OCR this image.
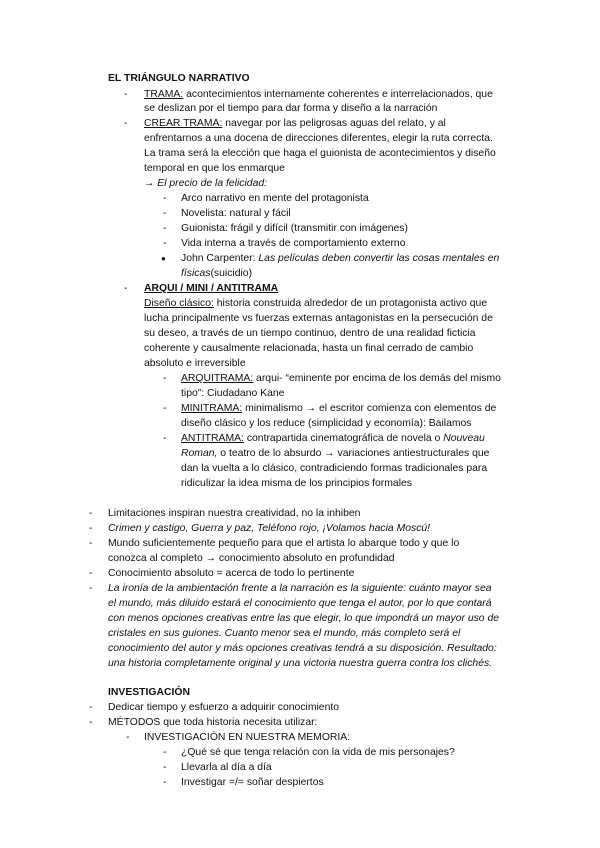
EL TRIÁNGULO NARRATIVO
- TRAMA: acontecimientos internamente coherentes e interrelacionados, que
se deslizan por el tiempo para dar forma y diseño a la narración
- CREAR TRAMA: navegar por las peligrosas aguas del relato, y al
enfrentarnos a una docena de direcciones diferentes, elegir la ruta correcta.
La trama será la elección que haga el guionista de acontecimientos y diseño
temporal en que los enmarque
→ El precio de la felicidad:
- Arco narrativo en mente del protagonista
- Novelista: natural y fácil
- Guionista: frágil y difícil (transmitir con imágenes)
- Vida interna a través de comportamiento externo
● John Carpenter: Las películas deben convertir las cosas mentales en
físicas(suicidio)
- ARQUI / MINI / ANTITRAMA
Diseño clásico: historia construida alrededor de un protagonista activo que
lucha principalmente vs fuerzas externas antagonistas en la persecución de
su deseo, a través de un tiempo continuo, dentro de una realidad ficticia
coherente y causalmente relacionada, hasta un final cerrado de cambio
absoluto e irreversible
- ARQUITRAMA: arqui- “eminente por encima de los demás del mismo
tipo”: Ciudadano Kane
- MINITRAMA: minimalismo → el escritor comienza con elementos de
diseño clásico y los reduce (simplicidad y economía): Bailamos
- ANTITRAMA: contrapartida cinematográfica de novela o Nouveau
Roman, o teatro de lo absurdo → variaciones antiestructurales que
dan la vuelta a lo clásico, contradiciendo formas tradicionales para
ridiculizar la idea misma de los principios formales
- Limitaciones inspiran nuestra creatividad, no la inhiben
- Crimen y castigo, Guerra y paz, Teléfono rojo, ¡Volamos hacia Moscú!
- Mundo suficientemente pequeño para que el artista lo abarque todo y que lo
conozca al completo → conocimiento absoluto en profundidad
- Conocimiento absoluto = acerca de todo lo pertinente
- La ironía de la ambientación frente a la narración es la siguiente: cuánto mayor sea
el mundo, más diluido estará el conocimiento que tenga el autor, por lo que contará
con menos opciones creativas entre las que elegir, lo que impondrá un mayor uso de
cristales en sus guiones. Cuanto menor sea el mundo, más completo será el
conocimiento del autor y más opciones creativas tendrá a su disposición. Resultado:
una historia completamente original y una victoria nuestra guerra contra los clichés.
INVESTIGACIÓN
- Dedicar tiempo y esfuerzo a adquirir conocimiento
- MÉTODOS que toda historia necesita utilizar:
- INVESTIGACIÓN EN NUESTRA MEMORIA:
- ¿Qué sé que tenga relación con la vida de mis personajes?
- Llevarla al día a día
- Investigar =/= soñar despiertos
